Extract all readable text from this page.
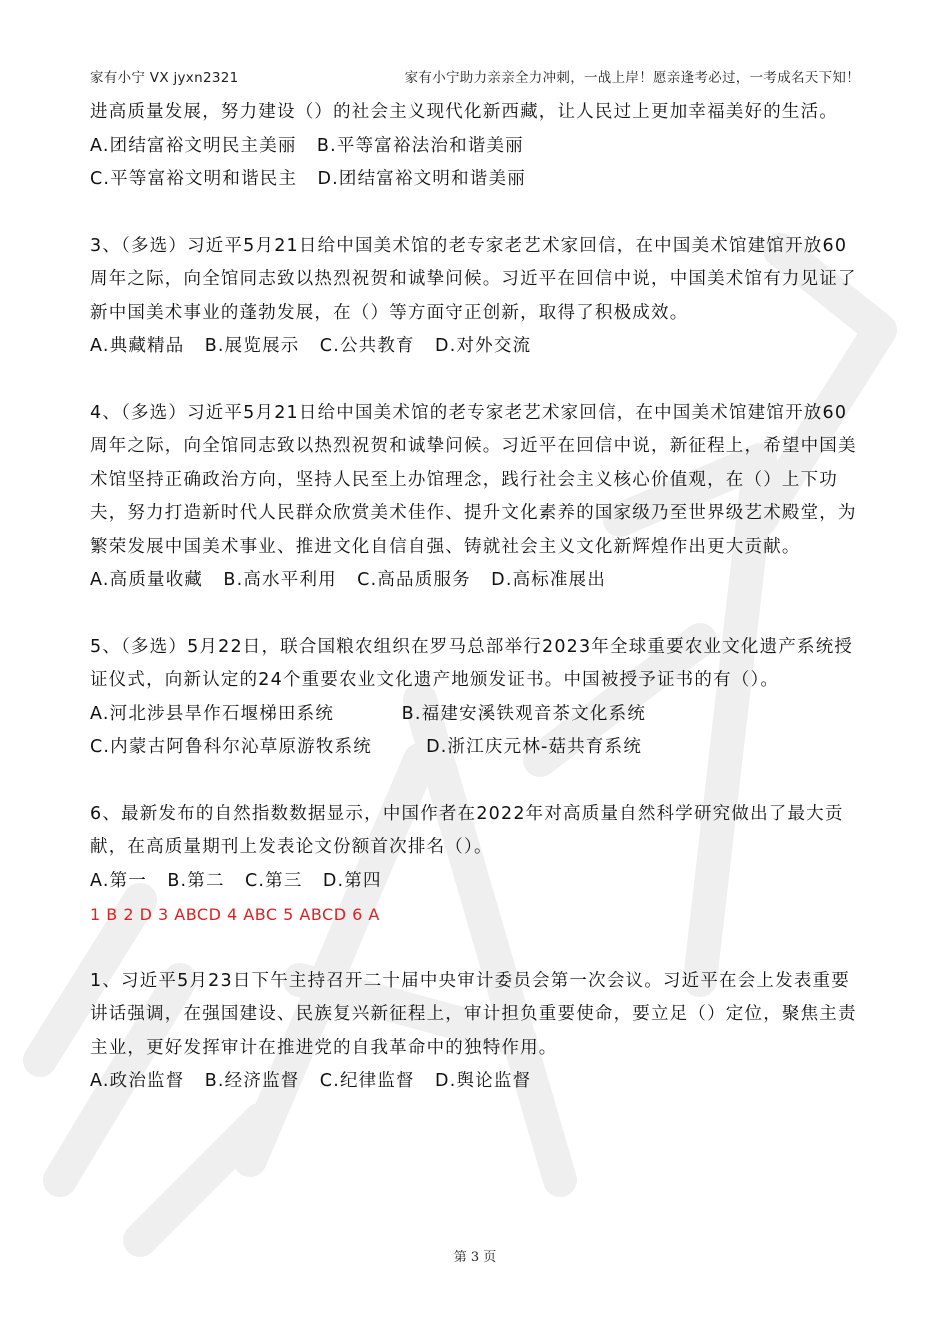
家有小宁 VX jyxn2321	家有小宁助力亲亲全力冲刺，一战上岸！愿亲逢考必过，一考成名天下知！

进高质量发展，努力建设（）的社会主义现代化新西藏，让人民过上更加幸福美好的生活。

A.团结富裕文明民主美丽   B.平等富裕法治和谐美丽

C.平等富裕文明和谐民主   D.团结富裕文明和谐美丽

3、（多选）习近平5月21日给中国美术馆的老专家老艺术家回信，在中国美术馆建馆开放60周年之际，向全馆同志致以热烈祝贺和诚挚问候。习近平在回信中说，中国美术馆有力见证了新中国美术事业的蓬勃发展，在（）等方面守正创新，取得了积极成效。

A.典藏精品   B.展览展示   C.公共教育   D.对外交流

4、（多选）习近平5月21日给中国美术馆的老专家老艺术家回信，在中国美术馆建馆开放60周年之际，向全馆同志致以热烈祝贺和诚挚问候。习近平在回信中说，新征程上，希望中国美术馆坚持正确政治方向，坚持人民至上办馆理念，践行社会主义核心价值观，在（）上下功夫，努力打造新时代人民群众欣赏美术佳作、提升文化素养的国家级乃至世界级艺术殿堂，为繁荣发展中国美术事业、推进文化自信自强、铸就社会主义文化新辉煌作出更大贡献。

A.高质量收藏   B.高水平利用   C.高品质服务   D.高标准展出

5、（多选）5月22日，联合国粮农组织在罗马总部举行2023年全球重要农业文化遗产系统授证仪式，向新认定的24个重要农业文化遗产地颁发证书。中国被授予证书的有（）。

A.河北涉县旱作石堰梯田系统          B.福建安溪铁观音茶文化系统

C.内蒙古阿鲁科尔沁草原游牧系统        D.浙江庆元林-菇共育系统

6、最新发布的自然指数数据显示，中国作者在2022年对高质量自然科学研究做出了最大贡献，在高质量期刊上发表论文份额首次排名（）。

A.第一   B.第二   C.第三   D.第四

1 B 2 D 3 ABCD 4 ABC 5 ABCD 6 A

1、习近平5月23日下午主持召开二十届中央审计委员会第一次会议。习近平在会上发表重要讲话强调，在强国建设、民族复兴新征程上，审计担负重要使命，要立足（）定位，聚焦主责主业，更好发挥审计在推进党的自我革命中的独特作用。

A.政治监督   B.经济监督   C.纪律监督   D.舆论监督

第 3 页
